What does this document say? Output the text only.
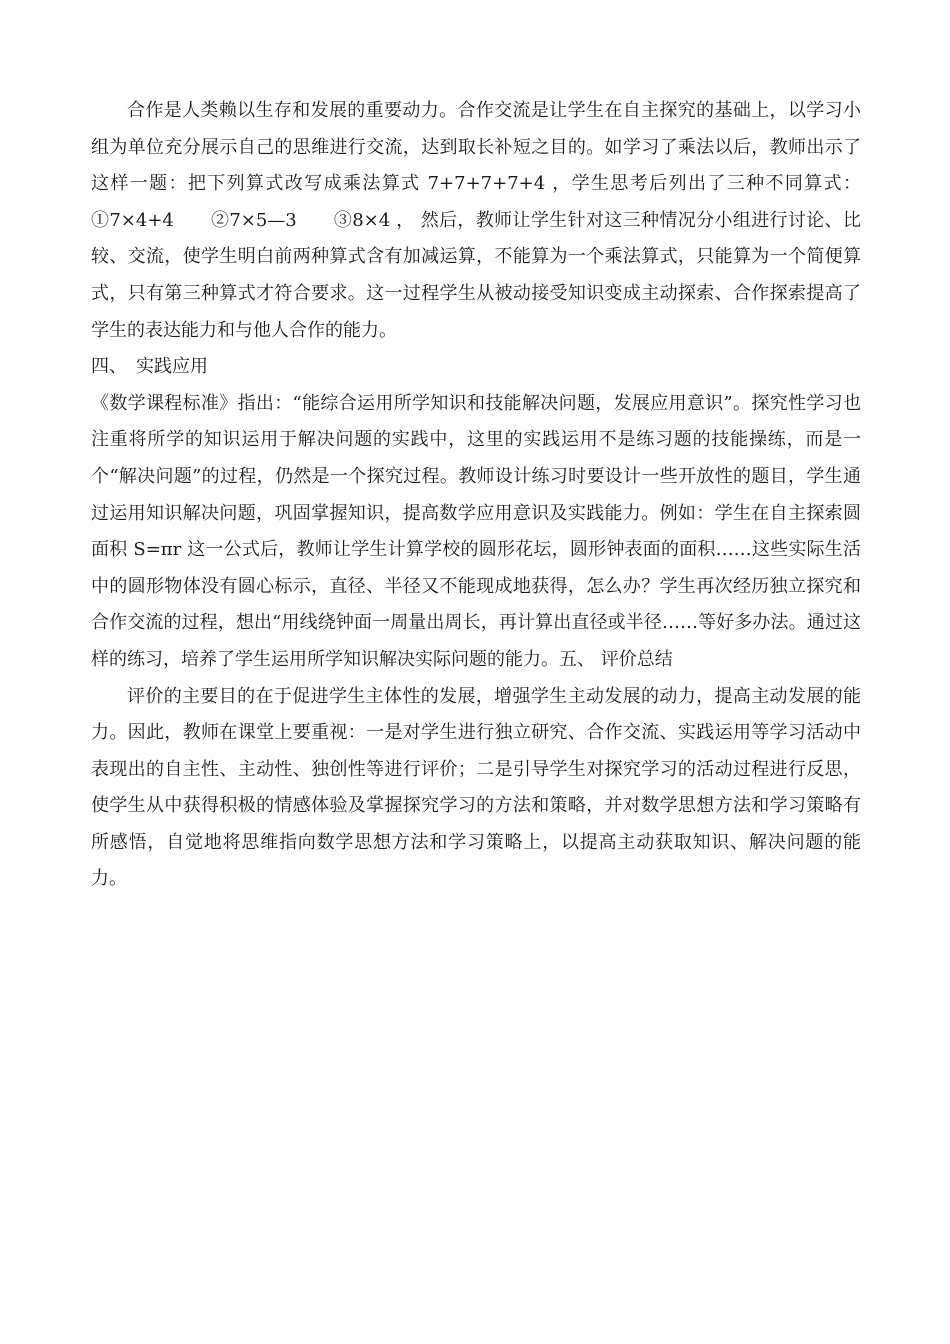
合作是人类赖以生存和发展的重要动力。合作交流是让学生在自主探究的基础上，以学习小组为单位充分展示自己的思维进行交流，达到取长补短之目的。如学习了乘法以后，教师出示了这样一题：把下列算式改写成乘法算式 7+7+7+7+4 ，学生思考后列出了三种不同算式：①7×4+4　　②7×5—3　　③8×4 ， 然后，教师让学生针对这三种情况分小组进行讨论、比较、交流，使学生明白前两种算式含有加减运算，不能算为一个乘法算式，只能算为一个简便算式，只有第三种算式才符合要求。这一过程学生从被动接受知识变成主动探索、合作探索提高了学生的表达能力和与他人合作的能力。

四、　实践应用

《数学课程标准》指出：“能综合运用所学知识和技能解决问题，发展应用意识”。探究性学习也注重将所学的知识运用于解决问题的实践中，这里的实践运用不是练习题的技能操练，而是一个“解决问题”的过程，仍然是一个探究过程。教师设计练习时要设计一些开放性的题目，学生通过运用知识解决问题，巩固掌握知识，提高数学应用意识及实践能力。例如：学生在自主探索圆面积 S=πr 这一公式后，教师让学生计算学校的圆形花坛，圆形钟表面的面积……这些实际生活中的圆形物体没有圆心标示，直径、半径又不能现成地获得，怎么办？学生再次经历独立探究和合作交流的过程，想出“用线绕钟面一周量出周长，再计算出直径或半径……等好多办法。通过这样的练习，培养了学生运用所学知识解决实际问题的能力。五、 评价总结

评价的主要目的在于促进学生主体性的发展，增强学生主动发展的动力，提高主动发展的能力。因此，教师在课堂上要重视：一是对学生进行独立研究、合作交流、实践运用等学习活动中表现出的自主性、主动性、独创性等进行评价；二是引导学生对探究学习的活动过程进行反思，使学生从中获得积极的情感体验及掌握探究学习的方法和策略，并对数学思想方法和学习策略有所感悟，自觉地将思维指向数学思想方法和学习策略上，以提高主动获取知识、解决问题的能力。
